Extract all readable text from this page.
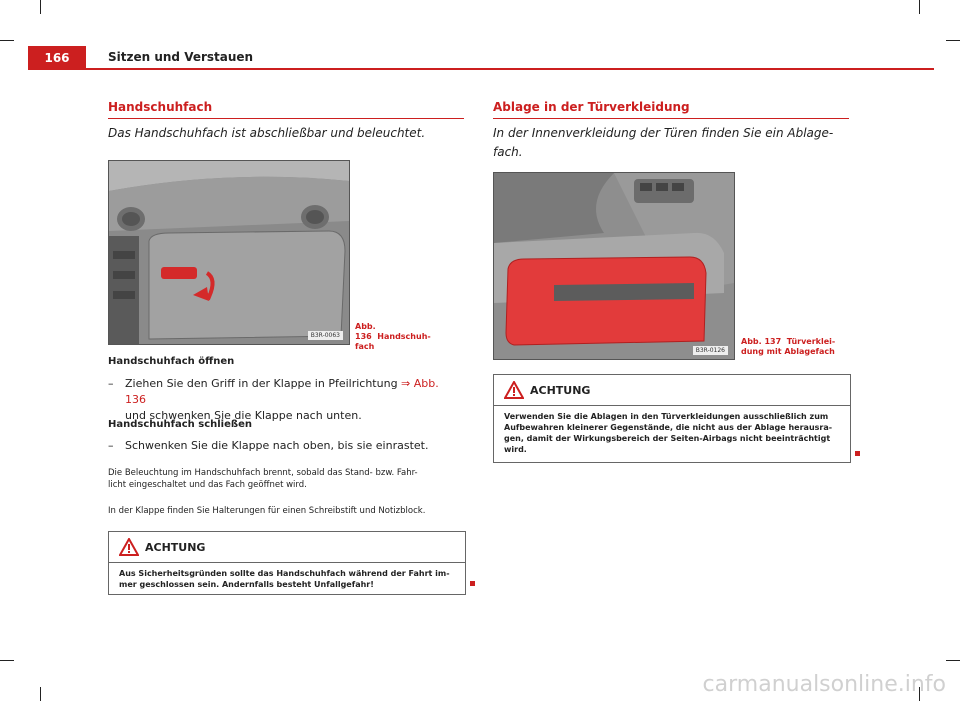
166	Sitzen und Verstauen
Handschuhfach
Das Handschuhfach ist abschließbar und beleuchtet.
B3R-0063
Abb. 136 Handschuh-
fach
Handschuhfach öffnen
– Ziehen Sie den Griff in der Klappe in Pfeilrichtung ⇒ Abb. 136
und schwenken Sie die Klappe nach unten.
Handschuhfach schließen
– Schwenken Sie die Klappe nach oben, bis sie einrastet.
Die Beleuchtung im Handschuhfach brennt, sobald das Stand- bzw. Fahr-
licht eingeschaltet und das Fach geöffnet wird.
In der Klappe finden Sie Halterungen für einen Schreibstift und Notizblock.
ACHTUNG
Aus Sicherheitsgründen sollte das Handschuhfach während der Fahrt im-
mer geschlossen sein. Andernfalls besteht Unfallgefahr!
Ablage in der Türverkleidung
In der Innenverkleidung der Türen finden Sie ein Ablage-
fach.
B3R-0126
Abb. 137 Türverklei-
dung mit Ablagefach
ACHTUNG
Verwenden Sie die Ablagen in den Türverkleidungen ausschließlich zum
Aufbewahren kleinerer Gegenstände, die nicht aus der Ablage herausra-
gen, damit der Wirkungsbereich der Seiten-Airbags nicht beeinträchtigt
wird.
carmanualsonline.info
